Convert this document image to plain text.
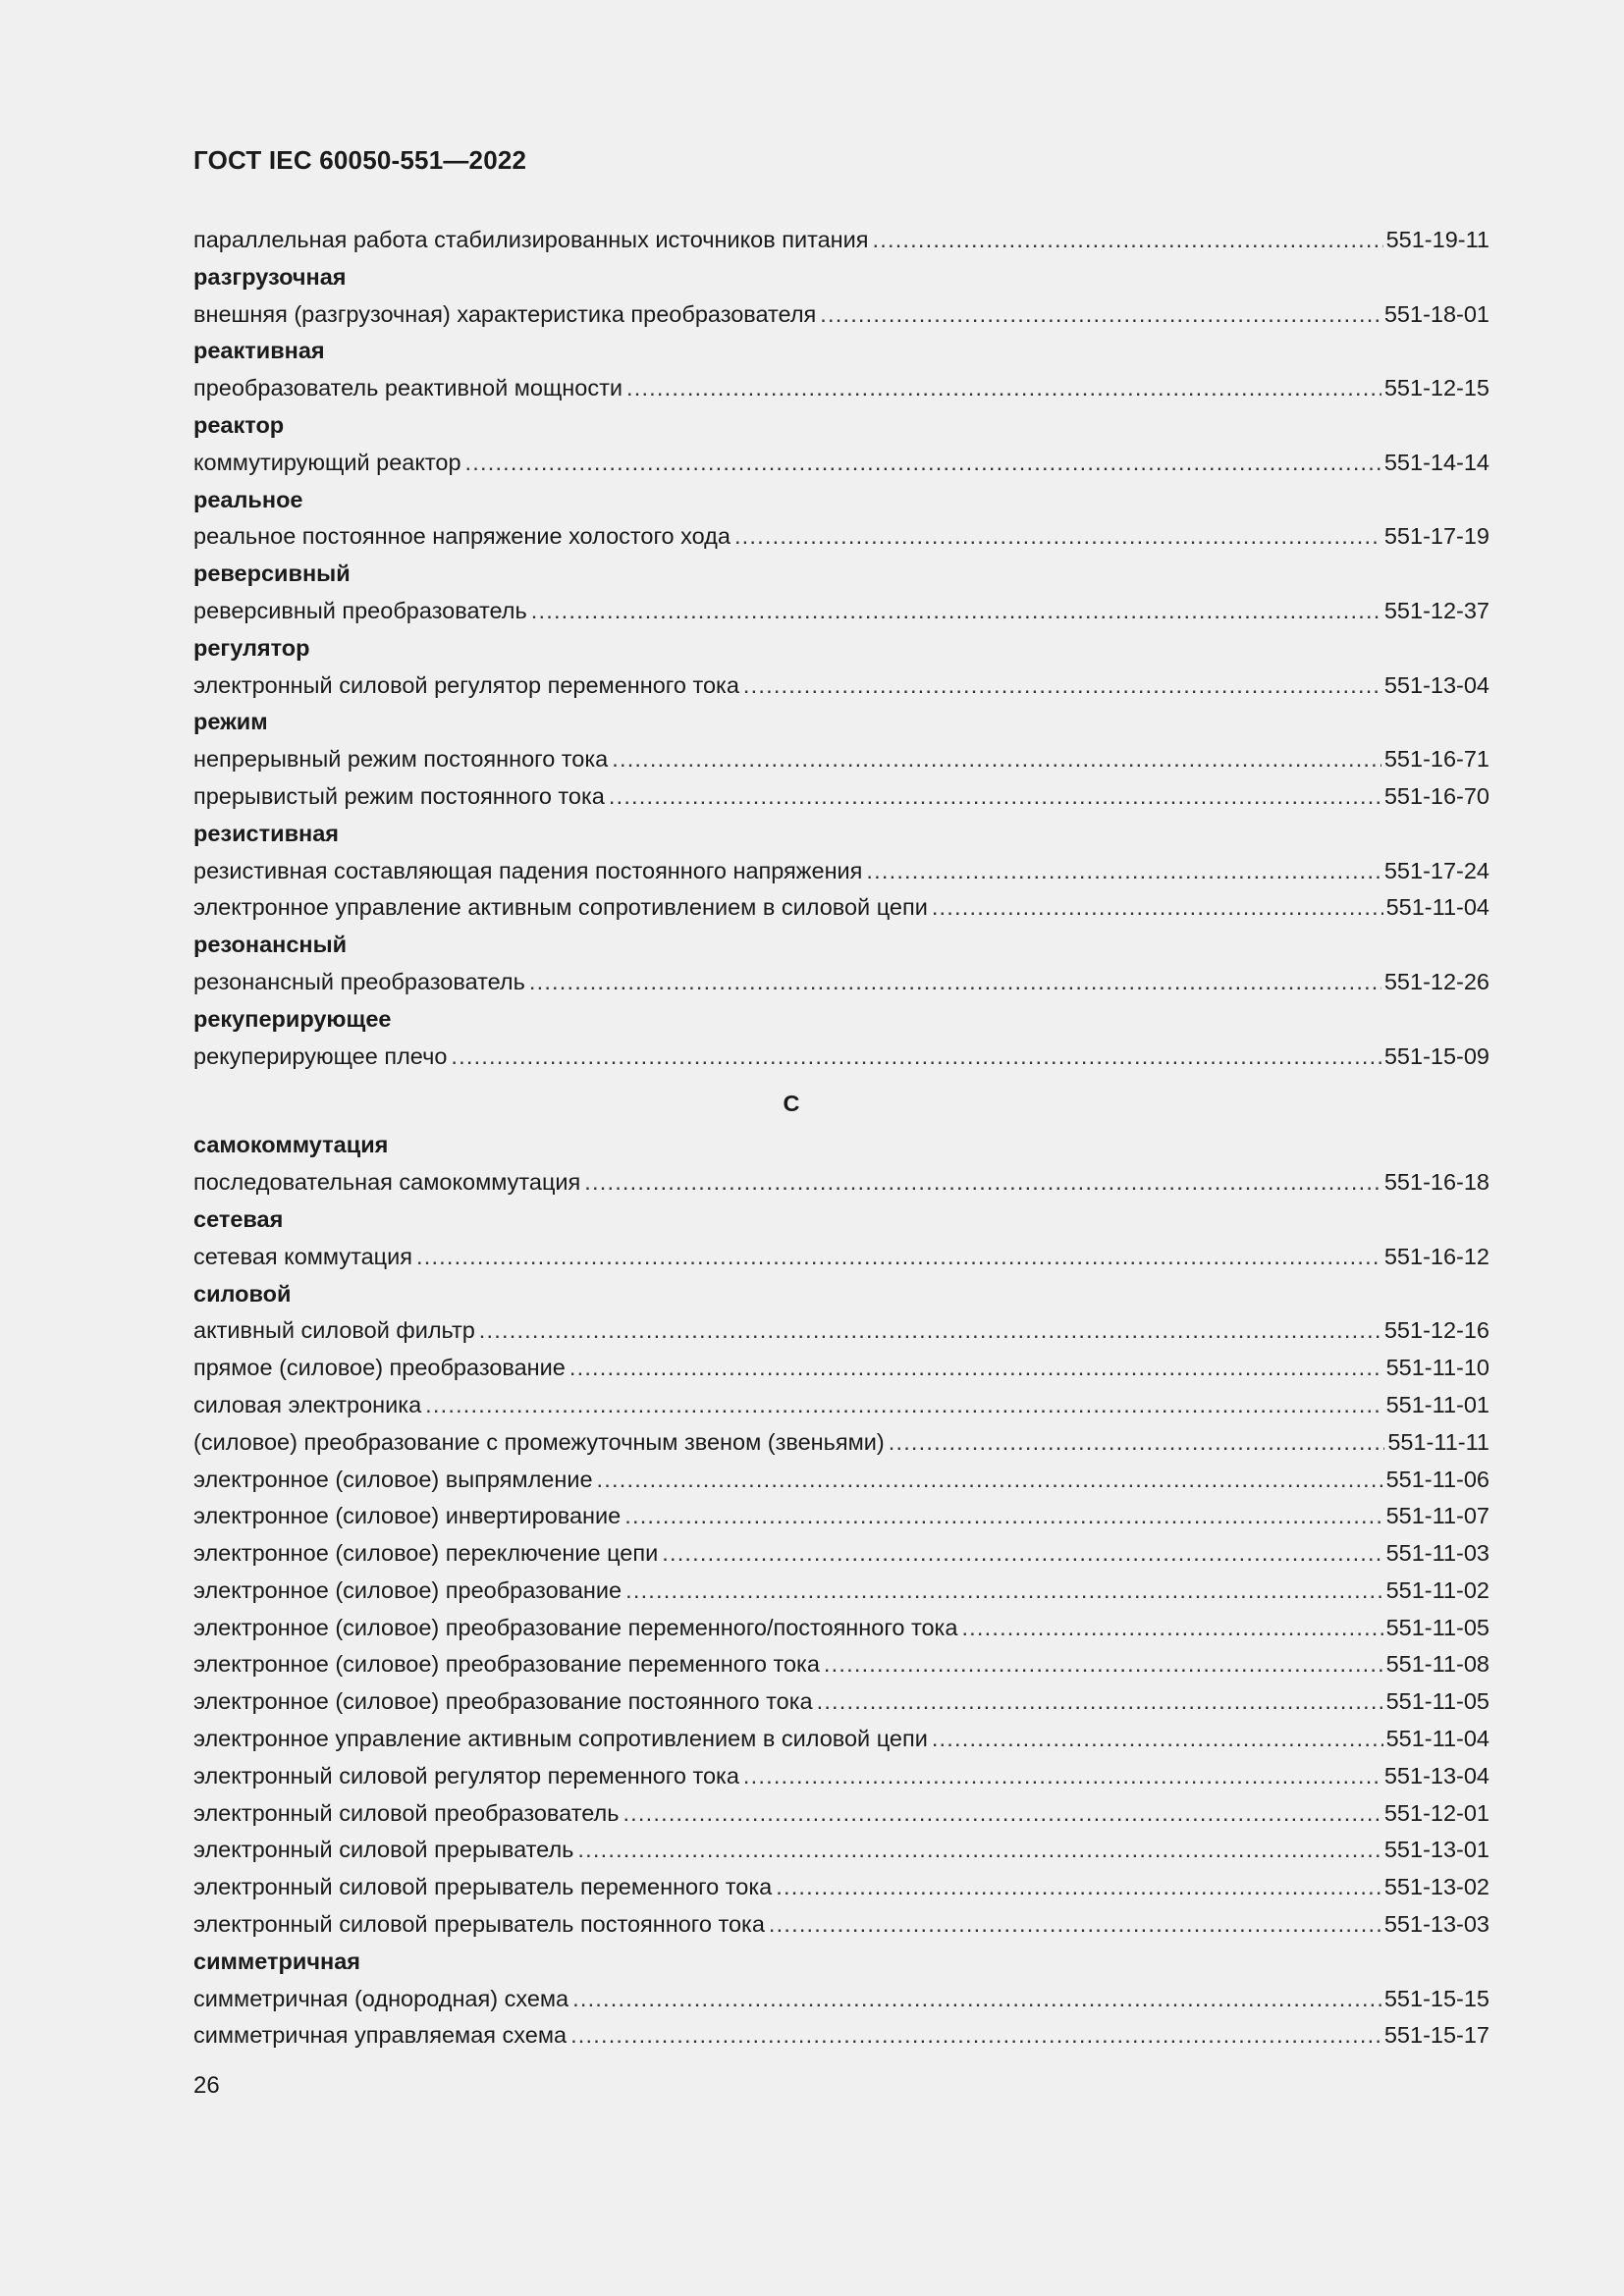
ГОСТ IEC 60050-551—2022
параллельная работа стабилизированных источников питания .....	551-19-11
разгрузочная
внешняя (разгрузочная) характеристика преобразователя .....	551-18-01
реактивная
преобразователь реактивной мощности .....	551-12-15
реактор
коммутирующий реактор .....	551-14-14
реальное
реальное постоянное напряжение холостого хода .....	551-17-19
реверсивный
реверсивный преобразователь .....	551-12-37
регулятор
электронный силовой регулятор переменного тока .....	551-13-04
режим
непрерывный режим постоянного тока .....	551-16-71
прерывистый режим постоянного тока .....	551-16-70
резистивная
резистивная составляющая падения постоянного напряжения .....	551-17-24
электронное управление активным сопротивлением в силовой цепи .....	551-11-04
резонансный
резонансный преобразователь .....	551-12-26
рекуперирующее
рекуперирующее плечо .....	551-15-09
С
самокоммутация
последовательная самокоммутация .....	551-16-18
сетевая
сетевая коммутация .....	551-16-12
силовой
активный силовой фильтр .....	551-12-16
прямое (силовое) преобразование .....	551-11-10
силовая электроника .....	551-11-01
(силовое) преобразование с промежуточным звеном (звеньями) .....	551-11-11
электронное (силовое) выпрямление .....	551-11-06
электронное (силовое) инвертирование .....	551-11-07
электронное (силовое) переключение цепи .....	551-11-03
электронное (силовое) преобразование .....	551-11-02
электронное (силовое) преобразование переменного/постоянного тока .....	551-11-05
электронное (силовое) преобразование переменного тока .....	551-11-08
электронное (силовое) преобразование постоянного тока .....	551-11-05
электронное управление активным сопротивлением в силовой цепи .....	551-11-04
электронный силовой регулятор переменного тока .....	551-13-04
электронный силовой преобразователь .....	551-12-01
электронный силовой прерыватель .....	551-13-01
электронный силовой прерыватель переменного тока .....	551-13-02
электронный силовой прерыватель постоянного тока .....	551-13-03
симметричная
симметричная (однородная) схема .....	551-15-15
симметричная управляемая схема .....	551-15-17
26
